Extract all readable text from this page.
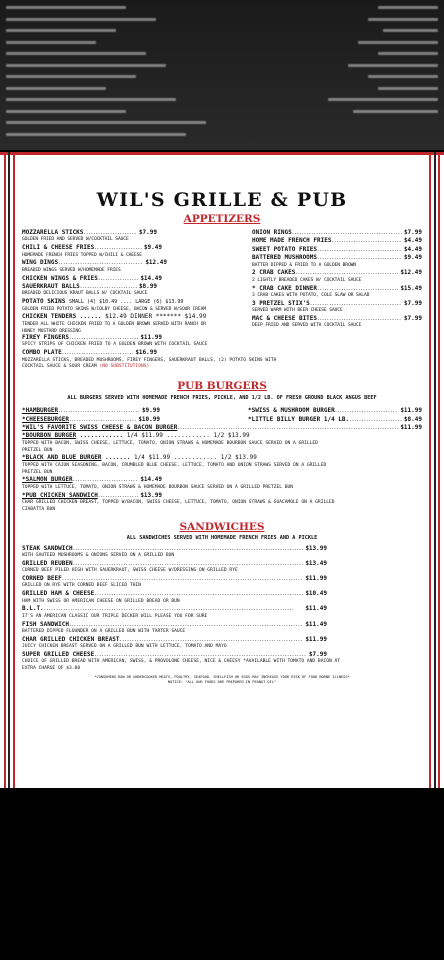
WIL'S GRILLE & PUB
APPETIZERS
MOZZARELLA STICKS .....	$7.99
GOLDEN FRIED AND SERVED W/COCKTAIL SAUCE
CHILI & CHEESE FRIES .....	$9.49
HOMEMADE FRENCH FRIES TOPPED W/CHILI & CHEESE
WING DINGS .....	$12.49
BREADED WINGS SERVED W/HOMEMADE FRIES
CHICKEN WINGS & FRIES .....	$14.49
SAUERKRAUT BALLS .....	$8.99
BREADED DELICIOUS KRAUT BALLS W/ COCKTAIL SAUCE
POTATO SKINS SMALL (4) $10.49 .... LARGE (6) $13.99
GOLDEN FRIED POTATO SKINS W/COLBY CHEESE, BACON & SERVED W/SOUR CREAM
CHICKEN TENDERS ...... $12.49 DINNER ******* $14.99
TENDER ALL WHITE CHICKEN FRIED TO A GOLDEN BROWN SERVED WITH RANCH OR
HONEY MUSTARD DRESSING
ONION RINGS .....	$7.99
HOME MADE FRENCH FRIES .....	$4.49
SWEET POTATO FRIES .....	$4.49
BATTERED MUSHROOMS .....	$9.49
BATTER DIPPED & FRIED TO A GOLDEN BROWN
2 CRAB CAKES .....	$12.49
2 LIGHTLY BREADED CAKES W/ COCKTAIL SAUCE
* CRAB CAKE DINNER .....	$15.49
3 CRAB CAKES WITH POTATO, COLE SLAW OR SALAD
3 PRETZEL STIX'S .....	$7.99
SERVED WARM WITH BEER CHEESE SAUCE
MAC & CHEESE BITES .....	$7.99
DEEP FRIED AND SERVED WITH COCKTAIL SAUCE
FIREY FINGERS .....	$11.99
SPICY STRIPS OF CHICKEN FRIED TO A GOLDEN BROWN WITH COCKTAIL SAUCE
COMBO PLATE .....	$16.99
MOZZARELLA STICKS, BREADED MUSHROOMS, FIREY FINGERS, SAUERKRAUT BALLS, (2) POTATO SKINS WITH
COCKTAIL SAUCE & SOUR CREAM (NO SUBSTITUTIONS)
PUB BURGERS
ALL BURGERS SERVED WITH HOMEMADE FRENCH FRIES, PICKLE, AND 1/2 LB. OF FRESH GROUND BLACK ANGUS BEEF
*HAMBURGER .....	$9.99	*SWISS & MUSHROOM BURGER .....	$11.99
*CHEESEBURGER .....	$10.99	*LITTLE BILLY BURGER 1/4 LB. .....	$8.49
*WIL'S FAVORITE SWISS CHEESE & BACON BURGER .....	$11.99
*BOURBON BURGER ............ 1/4 $11.99 ............ 1/2 $13.99
TOPPED WITH BACON, SWISS CHEESE, LETTUCE, TOMATO, ONION STRAWS & HOMEMADE BOURBON SAUCE SERVED ON A GRILLED
PRETZEL BUN
*BLACK AND BLUE BURGER ....... 1/4 $11.99 ............ 1/2 $13.99
TOPPED WITH CAJUN SEASONING, BACON, CRUMBLED BLUE CHEESE, LETTUCE, TOMATO AND ONION STRAWS SERVED ON A GRILLED
PRETZEL BUN
*SALMON BURGER .....	$14.49
TOPPED WITH LETTUCE, TOMATO, ONION STRAWS & HOMEMADE BOURBON SAUCE SERVED ON A GRILLED PRETZEL BUN
*PUB CHICKEN SANDWICH .....	$13.99
CHAR GRILLED CHICKEN BREAST, TOPPED W/BACON, SWISS CHEESE, LETTUCE, TOMATO, ONION STRAWS & GUACAMOLE ON A GRILLED
CIABATTA BUN
SANDWICHES
ALL SANDWICHES SERVED WITH HOMEMADE FRENCH FRIES AND A PICKLE
STEAK SANDWICH .....	$13.99
WITH SAUTEED MUSHROOMS & ONIONS SERVED ON A GRILLED BUN
GRILLED REUBEN .....	$13.49
CORNED BEEF PILED HIGH WITH SAUERKRAUT, SWISS CHEESE W/DRESSING ON GRILLED RYE
CORNED BEEF .....	$11.99
GRILLED ON RYE WITH CORNED BEEF SLICED THIN
GRILLED HAM & CHEESE .....	$10.49
HAM WITH SWISS OR AMERICAN CHEESE ON GRILLED BREAD OR BUN
B.L.T. .....	$11.49
IT'S AN AMERICAN CLASSIC OUR TRIPLE DECKER WILL PLEASE YOU FOR SURE
FISH SANDWICH .....	$11.49
BATTERED DIPPED FLOUNDER ON A GRILLED BUN WITH TARTER SAUCE
CHAR GRILLED CHICKEN BREAST .....	$11.99
JUICY CHICKEN BREAST SERVED ON A GRILLED BUN WITH LETTUCE, TOMATO AND MAYO
SUPER GRILLED CHEESE .....	$7.99
CHOICE OF GRILLED BREAD WITH AMERICAN, SWISS, & PROVOLONE CHEESE, NICE & CHEESY *AVAILABLE WITH TOMATO AND BACON AT
EXTRA CHARGE OF $3.00
*CONSUMING RAW OR UNDERCOOKED MEATS, POULTRY, SEAFOOD, SHELLFISH OR EGGS MAY INCREASE YOUR RISK OF FOOD BORNE ILLNESS*
NOTICE: "ALL OUR FOODS ARE PREPARED IN PEANUT OIL"
